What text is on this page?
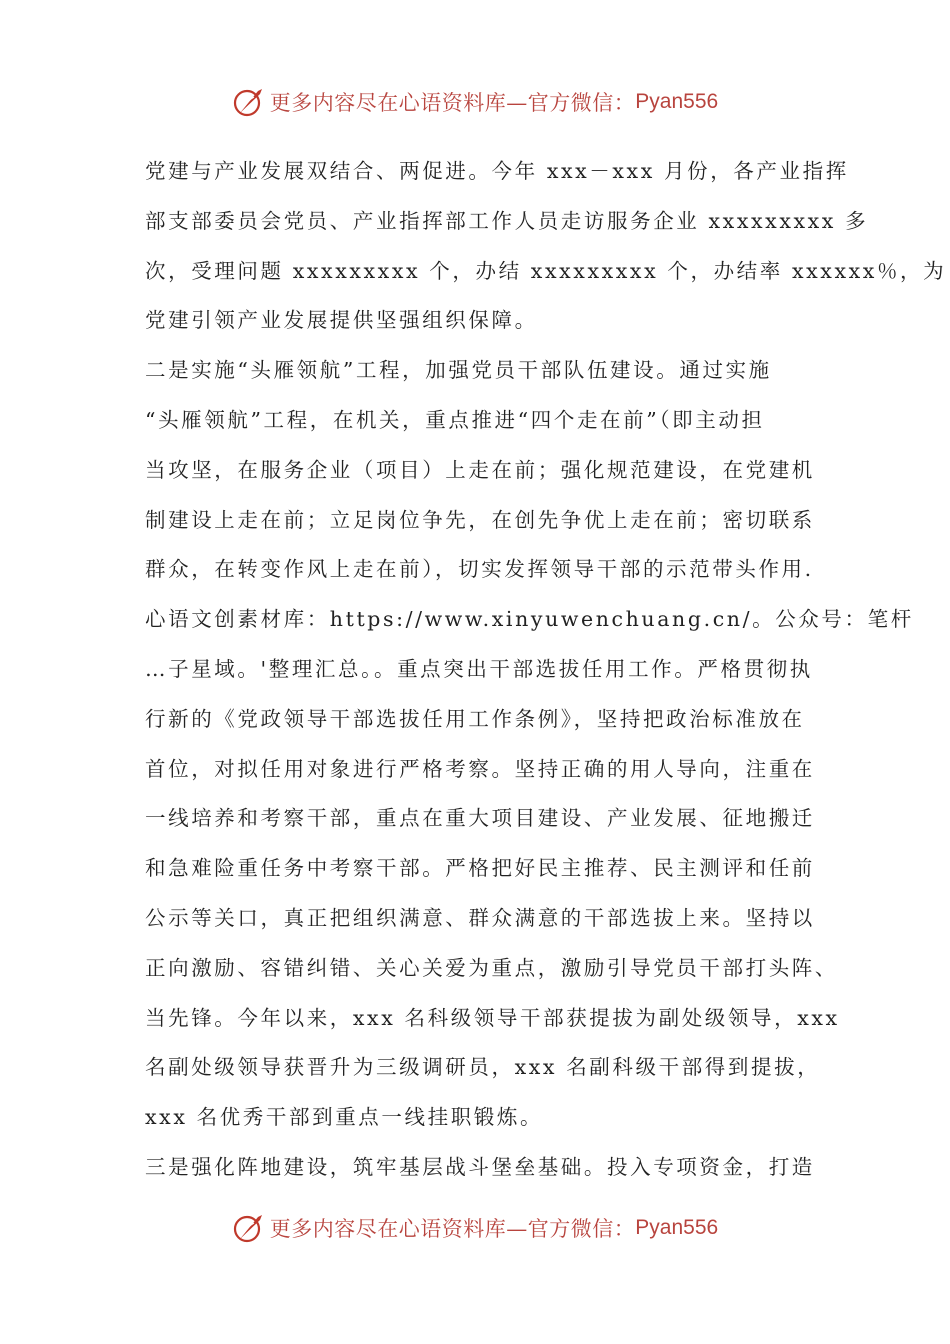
更多内容尽在心语资料库—官方微信： Pyan556
党建与产业发展双结合、两促进。今年 xxx－xxx 月份，各产业指挥
部支部委员会党员、产业指挥部工作人员走访服务企业 xxxxxxxxx 多
次，受理问题 xxxxxxxxx 个，办结 xxxxxxxxx 个，办结率 xxxxxx％，为
党建引领产业发展提供坚强组织保障。
二是实施“头雁领航”工程，加强党员干部队伍建设。通过实施
“头雁领航”工程，在机关，重点推进“四个走在前”（即主动担
当攻坚，在服务企业（项目）上走在前；强化规范建设，在党建机
制建设上走在前；立足岗位争先，在创先争优上走在前；密切联系
群众，在转变作风上走在前），切实发挥领导干部的示范带头作用.
心语文创素材库：https://www.xinyuwenchuang.cn/。公众号：笔杆
…子星域。'整理汇总。。重点突出干部选拔任用工作。严格贯彻执
行新的《党政领导干部选拔任用工作条例》，坚持把政治标准放在
首位，对拟任用对象进行严格考察。坚持正确的用人导向，注重在
一线培养和考察干部，重点在重大项目建设、产业发展、征地搬迁
和急难险重任务中考察干部。严格把好民主推荐、民主测评和任前
公示等关口，真正把组织满意、群众满意的干部选拔上来。坚持以
正向激励、容错纠错、关心关爱为重点，激励引导党员干部打头阵、
当先锋。今年以来，xxx 名科级领导干部获提拔为副处级领导，xxx
名副处级领导获晋升为三级调研员，xxx 名副科级干部得到提拔，
xxx 名优秀干部到重点一线挂职锻炼。
三是强化阵地建设，筑牢基层战斗堡垒基础。投入专项资金，打造
更多内容尽在心语资料库—官方微信： Pyan556
